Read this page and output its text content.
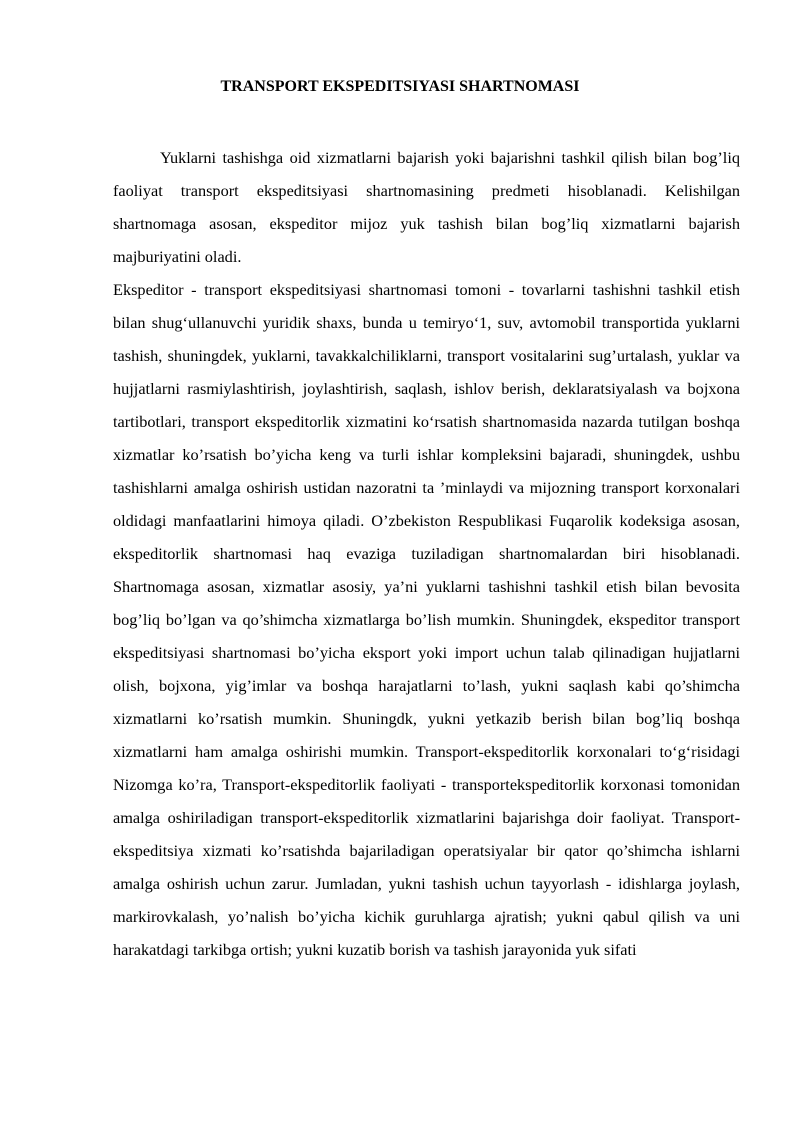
TRANSPORT EKSPEDITSIYASI SHARTNOMASI

Yuklarni tashishga oid xizmatlarni bajarish yoki bajarishni tashkil qilish bilan bog’liq faoliyat transport ekspeditsiyasi shartnomasining predmeti hisoblanadi. Kelishilgan shartnomaga asosan, ekspeditor mijoz yuk tashish bilan bog’liq xizmatlarni bajarish majburiyatini oladi.

Ekspeditor - transport ekspeditsiyasi shartnomasi tomoni - tovarlarni tashishni tashkil etish bilan shug‘ullanuvchi yuridik shaxs, bunda u temiryo‘1, suv, avtomobil transportida yuklarni tashish, shuningdek, yuklarni, tavakkalchiliklarni, transport vositalarini sug’urtalash, yuklar va hujjatlarni rasmiylashtirish, joylashtirish, saqlash, ishlov berish, deklaratsiyalash va bojxona tartibotlari, transport ekspeditorlik xizmatini ko‘rsatish shartnomasida nazarda tutilgan boshqa xizmatlar ko’rsatish bo’yicha keng va turli ishlar kompleksini bajaradi, shuningdek, ushbu tashishlarni amalga oshirish ustidan nazoratni ta ’minlaydi va mijozning transport korxonalari oldidagi manfaatlarini himoya qiladi. O’zbekiston Respublikasi Fuqarolik kodeksiga asosan, ekspeditorlik shartnomasi haq evaziga tuziladigan shartnomalardan biri hisoblanadi. Shartnomaga asosan, xizmatlar asosiy, ya’ni yuklarni tashishni tashkil etish bilan bevosita bog’liq bo’lgan va qo’shimcha xizmatlarga bo’lish mumkin. Shuningdek, ekspeditor transport ekspeditsiyasi shartnomasi bo’yicha eksport yoki import uchun talab qilinadigan hujjatlarni olish, bojxona, yig’imlar va boshqa harajatlarni to’lash, yukni saqlash kabi qo’shimcha xizmatlarni ko’rsatish mumkin. Shuningdk, yukni yetkazib berish bilan bog’liq boshqa xizmatlarni ham amalga oshirishi mumkin. Transport-ekspeditorlik korxonalari to‘g‘risidagi Nizomga ko’ra, Transport-ekspeditorlik faoliyati - transportekspeditorlik korxonasi tomonidan amalga oshiriladigan transport-ekspeditorlik xizmatlarini bajarishga doir faoliyat. Transport-ekspeditsiya xizmati ko’rsatishda bajariladigan operatsiyalar bir qator qo’shimcha ishlarni amalga oshirish uchun zarur. Jumladan, yukni tashish uchun tayyorlash - idishlarga joylash, markirovkalash, yo’nalish bo’yicha kichik guruhlarga ajratish; yukni qabul qilish va uni harakatdagi tarkibga ortish; yukni kuzatib borish va tashish jarayonida yuk sifati
